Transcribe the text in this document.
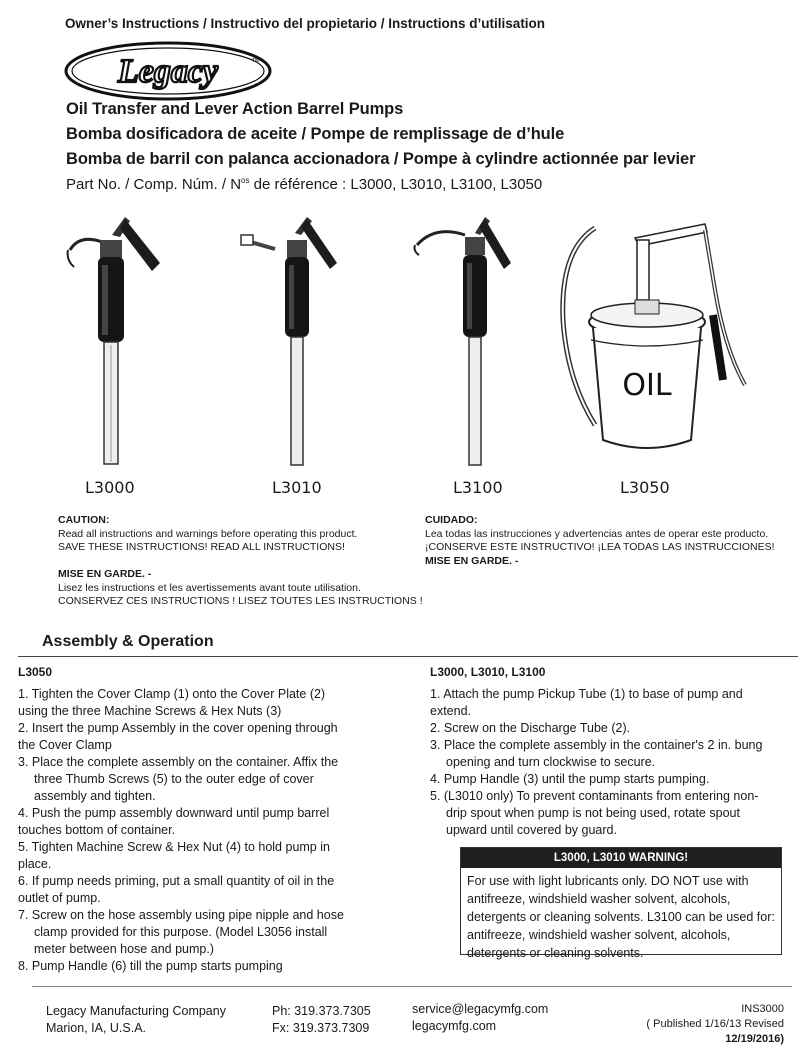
Owner’s Instructions / Instructivo del propietario / Instructions d’utilisation
Legacy	TM
Oil Transfer and Lever Action Barrel Pumps
Bomba dosificadora de aceite / Pompe de remplissage de d’hule
Bomba de barril con palanca accionadora / Pompe à cylindre actionnée par levier
Part No. / Comp. Núm. / $N^{os}$ de référence : L3000, L3010, L3100, L3050
OIL
L3000	L3010	L3100	L3050
CAUTION:
Read all instructions and warnings before operating this product.
SAVE THESE INSTRUCTIONS! READ ALL INSTRUCTIONS!
MISE EN GARDE. -
Lisez les instructions et les avertissements avant toute utilisation.
CONSERVEZ CES INSTRUCTIONS ! LISEZ TOUTES LES INSTRUCTIONS !
CUIDADO:
Lea todas las instrucciones y advertencias antes de operar este producto.
¡CONSERVE ESTE INSTRUCTIVO! ¡LEA TODAS LAS INSTRUCCIONES!
MISE EN GARDE. -
Assembly & Operation
L3050

1. Tighten the Cover Clamp (1) onto the Cover Plate (2) using the three Machine Screws & Hex Nuts (3)

2. Insert the pump Assembly in the cover opening through the Cover Clamp

3. Place the complete assembly on the container. Affix the three Thumb Screws (5) to the outer edge of cover assembly and tighten.

4. Push the pump assembly downward until pump barrel touches bottom of container.

5. Tighten Machine Screw & Hex Nut (4) to hold pump in place.

6. If pump needs priming, put a small quantity of oil in the outlet of pump.

7. Screw on the hose assembly using pipe nipple and hose clamp provided for this purpose. (Model L3056 install meter between hose and pump.)

8. Pump Handle (6) till the pump starts pumping

L3000, L3010, L3100

1. Attach the pump Pickup Tube (1) to base of pump and extend.

2. Screw on the Discharge Tube (2).

3. Place the complete assembly in the container's 2 in. bung opening and turn clockwise to secure.

4. Pump Handle (3) until the pump starts pumping.

5. (L3010 only) To prevent contaminants from entering non-drip spout when pump is not being used, rotate spout upward until covered by guard.

L3000, L3010 WARNING!
For use with light lubricants only. DO NOT use with antifreeze, windshield washer solvent, alcohols, detergents or cleaning solvents. L3100 can be used for: antifreeze, windshield washer solvent, alcohols, detergents or cleaning solvents.
Legacy Manufacturing Company
Marion, IA, U.S.A.
Ph: 319.373.7305
Fx: 319.373.7309
service@legacymfg.com
legacymfg.com
INS3000
( Published 1/16/13 Revised
12/19/2016)
